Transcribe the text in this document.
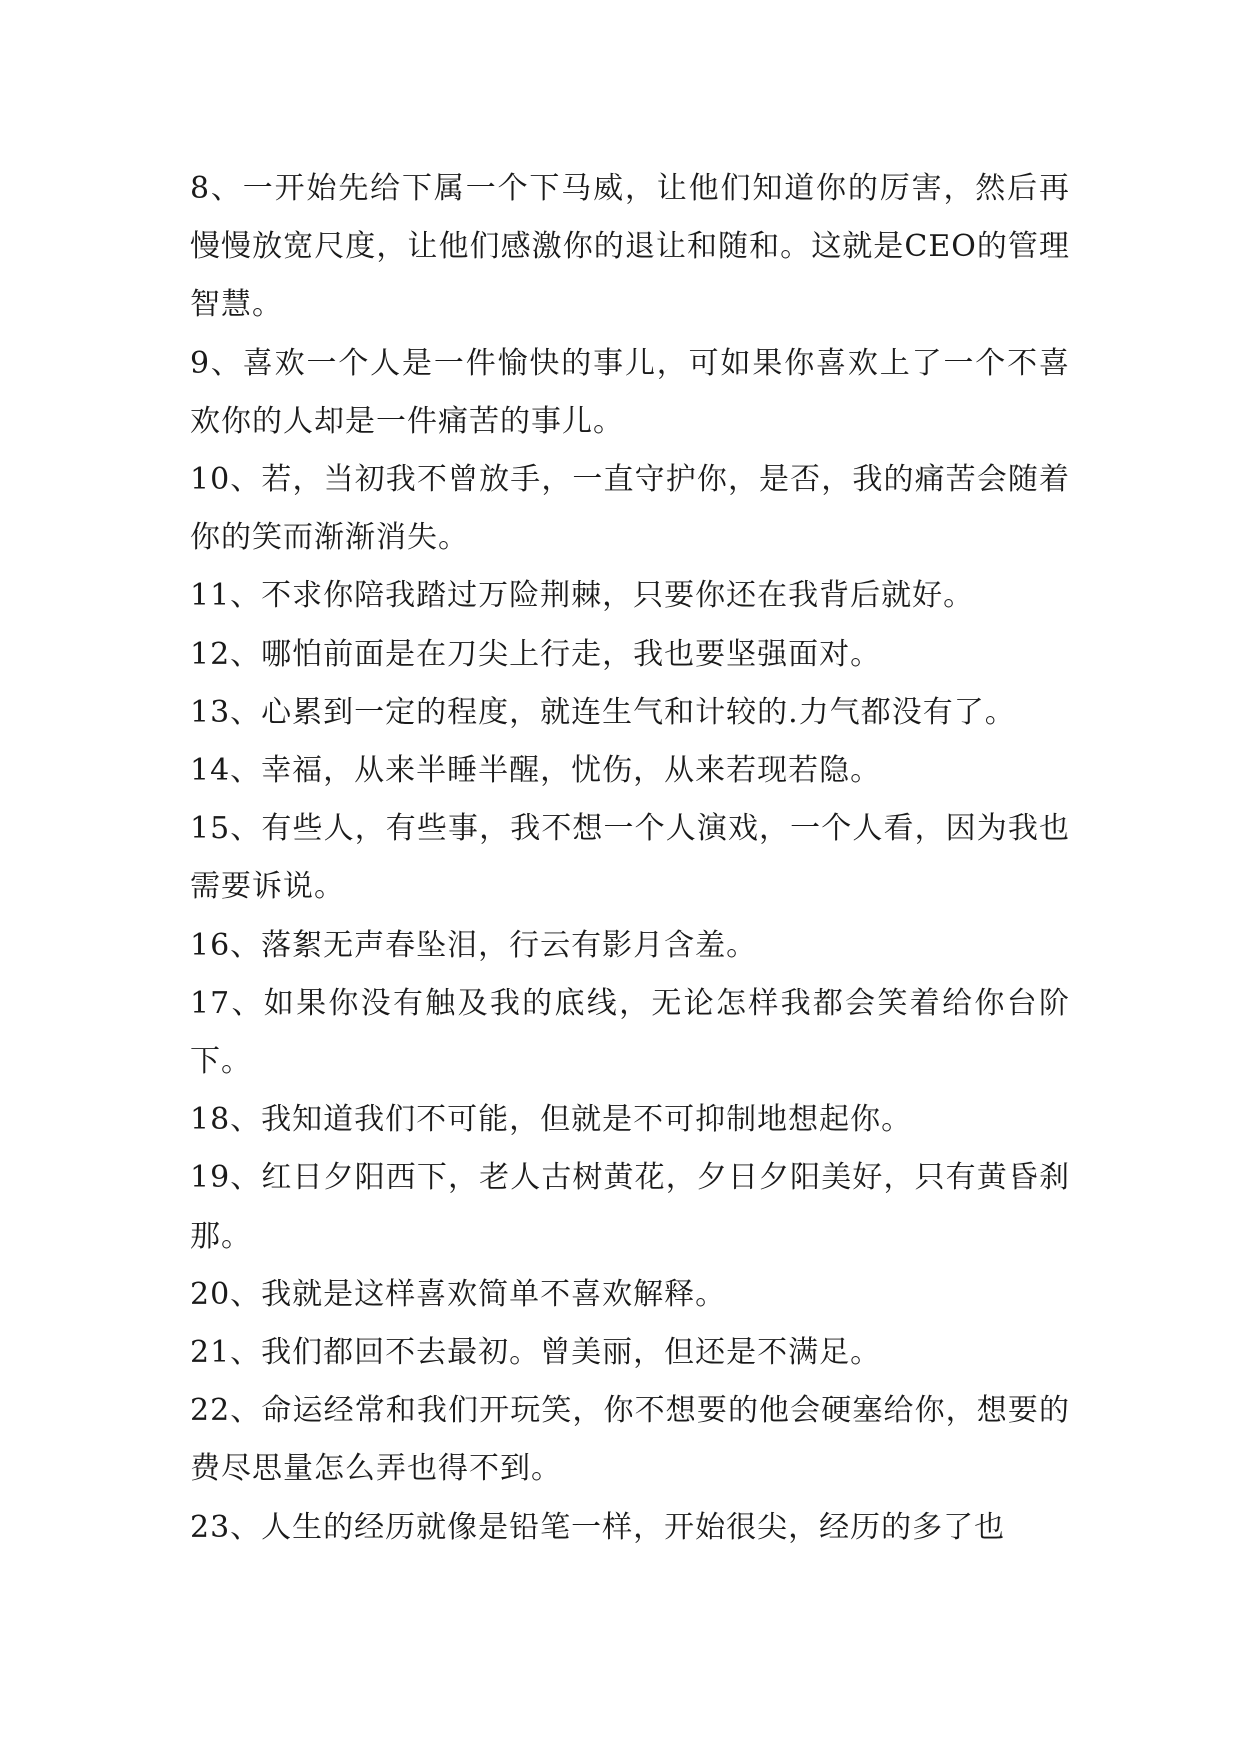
8、一开始先给下属一个下马威，让他们知道你的厉害，然后再慢慢放宽尺度，让他们感激你的退让和随和。这就是CEO的管理智慧。

9、喜欢一个人是一件愉快的事儿，可如果你喜欢上了一个不喜欢你的人却是一件痛苦的事儿。

10、若，当初我不曾放手，一直守护你，是否，我的痛苦会随着你的笑而渐渐消失。

11、不求你陪我踏过万险荆棘，只要你还在我背后就好。

12、哪怕前面是在刀尖上行走，我也要坚强面对。

13、心累到一定的程度，就连生气和计较的.力气都没有了。

14、幸福，从来半睡半醒，忧伤，从来若现若隐。

15、有些人，有些事，我不想一个人演戏，一个人看，因为我也需要诉说。

16、落絮无声春坠泪，行云有影月含羞。

17、如果你没有触及我的底线，无论怎样我都会笑着给你台阶下。

18、我知道我们不可能，但就是不可抑制地想起你。

19、红日夕阳西下，老人古树黄花，夕日夕阳美好，只有黄昏刹那。

20、我就是这样喜欢简单不喜欢解释。

21、我们都回不去最初。曾美丽，但还是不满足。

22、命运经常和我们开玩笑，你不想要的他会硬塞给你，想要的费尽思量怎么弄也得不到。

23、人生的经历就像是铅笔一样，开始很尖，经历的多了也
